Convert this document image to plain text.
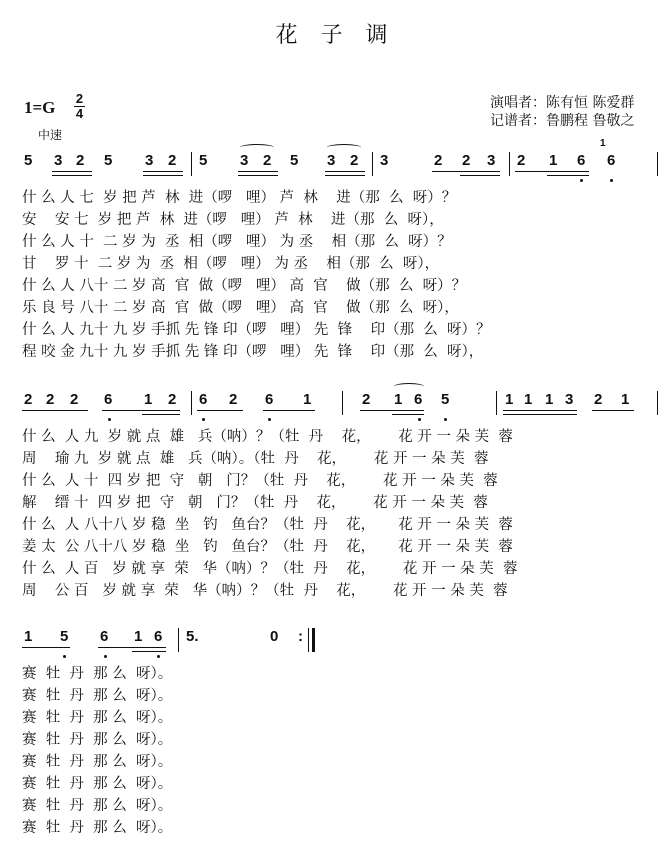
花 子 调
1=G 2
4
中速
演唱者：陈有恒 陈爱群
记谱者：鲁鹏程 鲁敬之
5 3 2 5 3 2 5 3 2 5 3 2 3	2 2 3 2 1 6
1
6
什 么 人 七  岁 把 芦  林  进（啰   哩） 芦  林    进（那  么  呀）？
安    安 七  岁 把 芦  林  进（啰   哩） 芦  林    进（那  么  呀），
什 么 人 十  二 岁 为  丞  相（啰   哩） 为 丞    相（那  么  呀）？
甘    罗 十  二 岁 为  丞  相（啰   哩） 为 丞    相（那  么  呀），
什 么 人 八十 二 岁 高  官  做（啰   哩） 高  官    做（那  么  呀）？
乐 良 号 八十 二 岁 高  官  做（啰   哩） 高  官    做（那  么  呀），
什 么 人 九十 九 岁 手抓 先 锋 印（啰   哩） 先  锋    印（那  么  呀）？
程 咬 金 九十 九 岁 手抓 先 锋 印（啰   哩） 先  锋    印（那  么  呀），
2 2 2 6 1 2 6 2 6 1	2 1 6 5	1 1 1 3 2 1
什 么  人 九  岁 就 点  雄   兵（呐）？（牡  丹    花，      花 开 一 朵 芙  蓉
周    瑜 九  岁 就 点  雄   兵（呐）。（牡  丹    花，      花 开 一 朵 芙  蓉
什 么  人 十  四 岁 把  守   朝   门？（牡  丹    花，      花 开 一 朵 芙  蓉
解    缙 十  四 岁 把  守   朝   门？（牡  丹    花，      花 开 一 朵 芙  蓉
什 么  人 八十八 岁 稳  坐   钓   鱼台？（牡  丹    花，     花 开 一 朵 芙  蓉
姜 太  公 八十八 岁 稳  坐   钓   鱼台？（牡  丹    花，     花 开 一 朵 芙  蓉
什 么  人 百   岁 就 享  荣   华（呐）？（牡  丹    花，      花 开 一 朵 芙  蓉
周    公 百   岁 就 享  荣   华（呐）？（牡  丹    花，      花 开 一 朵 芙  蓉
1 5 6 1 6 5.	0 :
赛  牡  丹  那 么  呀）。
赛  牡  丹  那 么  呀）。
赛  牡  丹  那 么  呀）。
赛  牡  丹  那 么  呀）。
赛  牡  丹  那 么  呀）。
赛  牡  丹  那 么  呀）。
赛  牡  丹  那 么  呀）。
赛  牡  丹  那 么  呀）。
